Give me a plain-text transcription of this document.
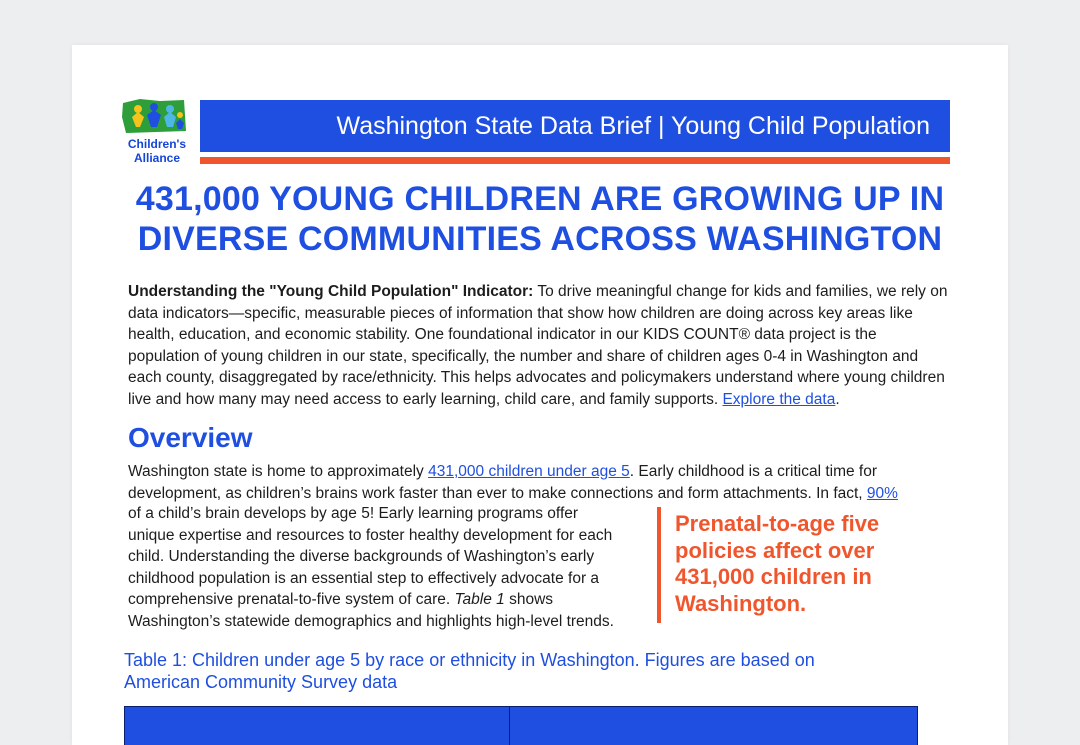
Children's
Alliance
Washington State Data Brief | Young Child Population
431,000 YOUNG CHILDREN ARE GROWING UP IN
DIVERSE COMMUNITIES ACROSS WASHINGTON
Understanding the "Young Child Population" Indicator: To drive meaningful change for kids and families, we rely on data indicators—specific, measurable pieces of information that show how children are doing across key areas like health, education, and economic stability. One foundational indicator in our KIDS COUNT® data project is the population of young children in our state, specifically, the number and share of children ages 0-4 in Washington and each county, disaggregated by race/ethnicity. This helps advocates and policymakers understand where young children live and how many may need access to early learning, child care, and family supports. Explore the data.
Overview
Washington state is home to approximately 431,000 children under age 5. Early childhood is a critical time for
development, as children’s brains work faster than ever to make connections and form attachments. In fact, 90%
of a child’s brain develops by age 5! Early learning programs offer
unique expertise and resources to foster healthy development for each
child. Understanding the diverse backgrounds of Washington’s early
childhood population is an essential step to effectively advocate for a
comprehensive prenatal-to-five system of care. Table 1 shows
Washington’s statewide demographics and highlights high-level trends.
Prenatal-to-age five
policies affect over
431,000 children in
Washington.
Table 1: Children under age 5 by race or ethnicity in Washington. Figures are based on
American Community Survey data
